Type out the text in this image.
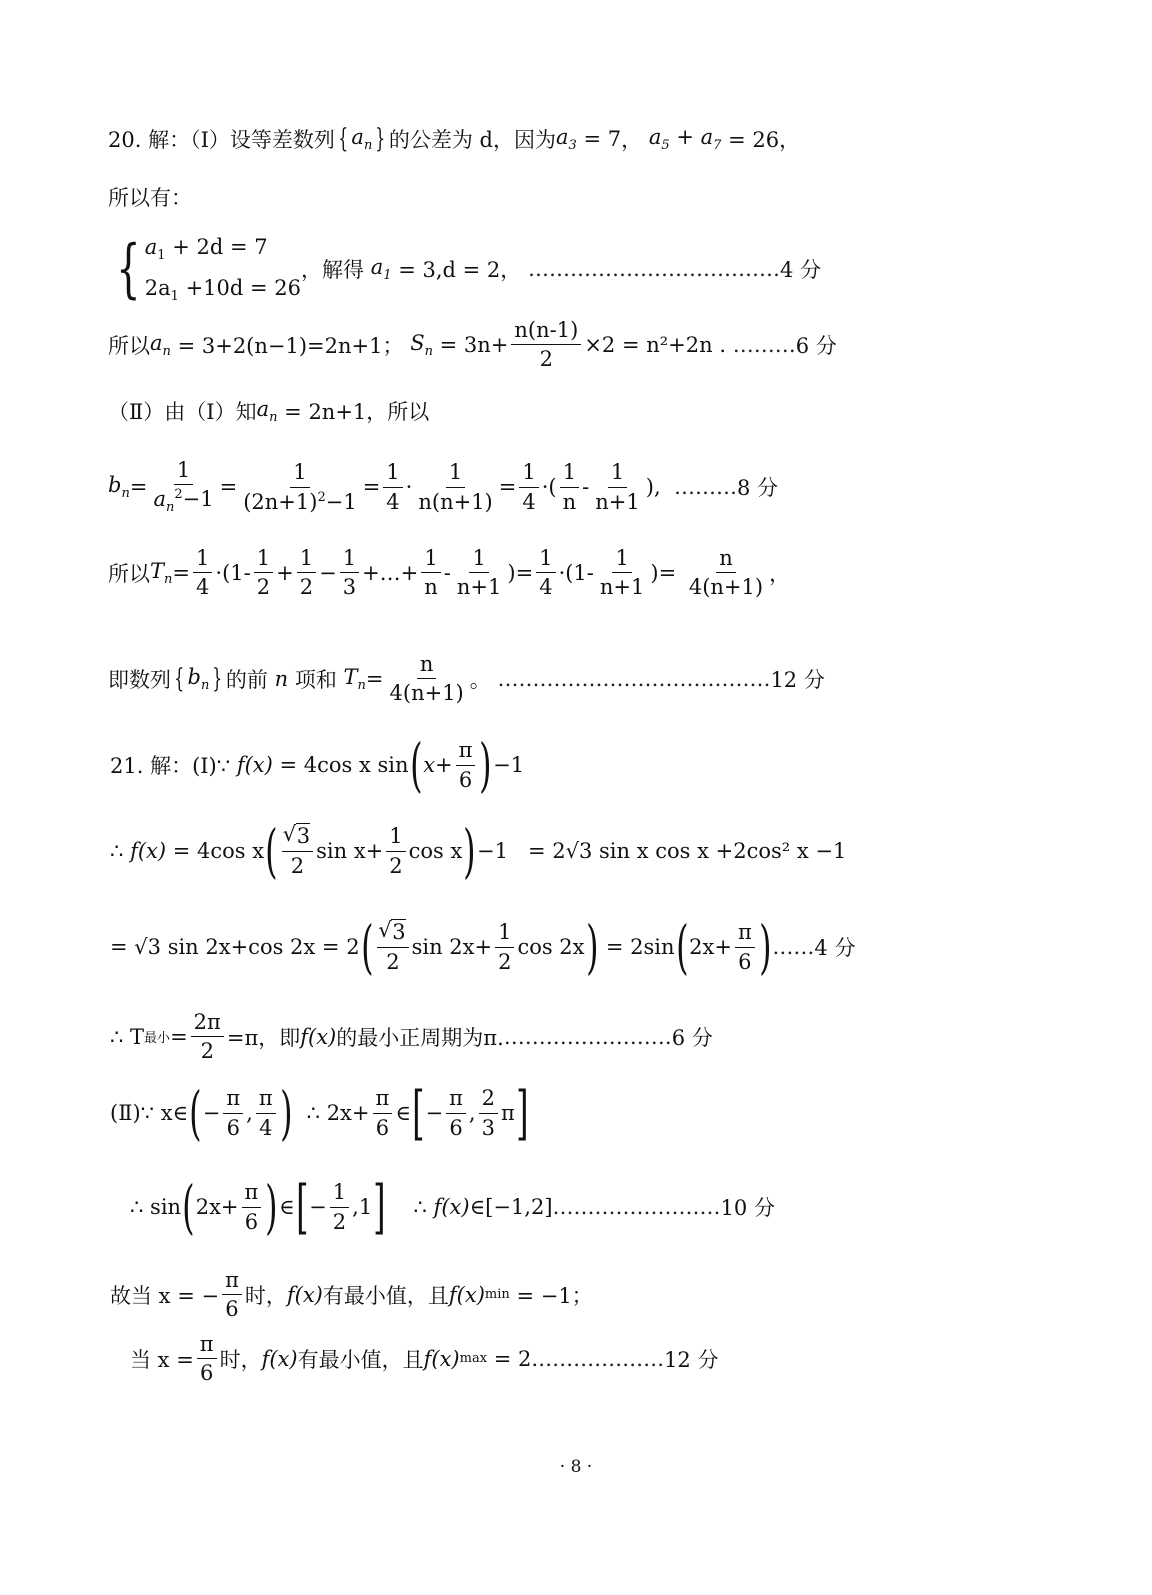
20. 解：（Ⅰ）设等差数列 { $a_n$ } 的公差为 d，因为 $a_3$
= 7 ， $a_5 + a_7$
= 26，
所以有：
{ $a_1 + 2d = 7$
$2a_1 +10d = 26$
，解得 $a_1$
= 3,d = 2，
……………………………… 4 分
所以 $a_n$
= 3+2(n−1)=2n+1；
$S_n$
= $3n+ \frac{n(n-1)}{2} \times 2 = n^2+2n$ .
……… 6 分
（Ⅱ）由（Ⅰ）知 $a_n$
= 2n+1，所以
$b_n = \frac{1}{a_n^2-1} = \frac{1}{(2n+1)^2-1} = \frac{1}{4} \cdot \frac{1}{n(n+1)} = \frac{1}{4}$ ·( $\frac{1}{n} - \frac{1}{n+1}$ ),
……… 8 分
所以 $T_n = \frac{1}{4} \cdot (1- \frac{1}{2} + \frac{1}{2} - \frac{1}{3}$ +…+ $\frac{1}{n} - \frac{1}{n+1}$ )= $\frac{1}{4} \cdot(1- \frac{1}{n+1}$ )= $\frac{n}{4(n+1)}$ ，
即数列 { $b_n$ } 的前
n
项和
$T_n = \frac{n}{4(n+1)}$ 。
………………………………… 12 分
21. 解：(Ⅰ)∵
f(x)
= 4cos x sin ( $x + \frac{\pi}{6}$ ) −1
∴
f(x)
= 4cos x ( √ $\frac{3}{2}$ $\sin x+ \frac{1}{2}$ cos x ) −1
= 2√3 sin x cos x +2cos² x −1
= √3 sin 2x+cos 2x = 2 ( √ $\frac{3}{2}$ $\sin 2x+ \frac{1}{2}$ cos 2x )
= 2sin ( $2x+ \frac{\pi}{6}$ ) …… 4 分
∴ T 最小 = $\frac{2\pi}{2} =\pi$，即 f(x) 的最小正周期为π. …………………… 6 分
(Ⅱ)∵ x∈ ( − $\frac{\pi}{6}$ , $\frac{\pi}{4}$ )
∴ $2x+ \frac{\pi}{6}$ ∈ [ − $\frac{\pi}{6}$ , $\frac{2}{3}$ π ]
∴ sin ( $2x+ \frac{\pi}{6}$ ) ∈ [ − $\frac{1}{2} ,1$ ]
∴
f(x) ∈[−1,2] …………………… 10 分
故当 x = − $\frac{\pi}{6}$ 时， f(x) 有最小值，且 f(x) min
= −1；
当 $x = \frac{\pi}{6}$ 时， f(x) 有最小值，且 f(x) max
= 2. ……………… 12 分
· 8 ·
